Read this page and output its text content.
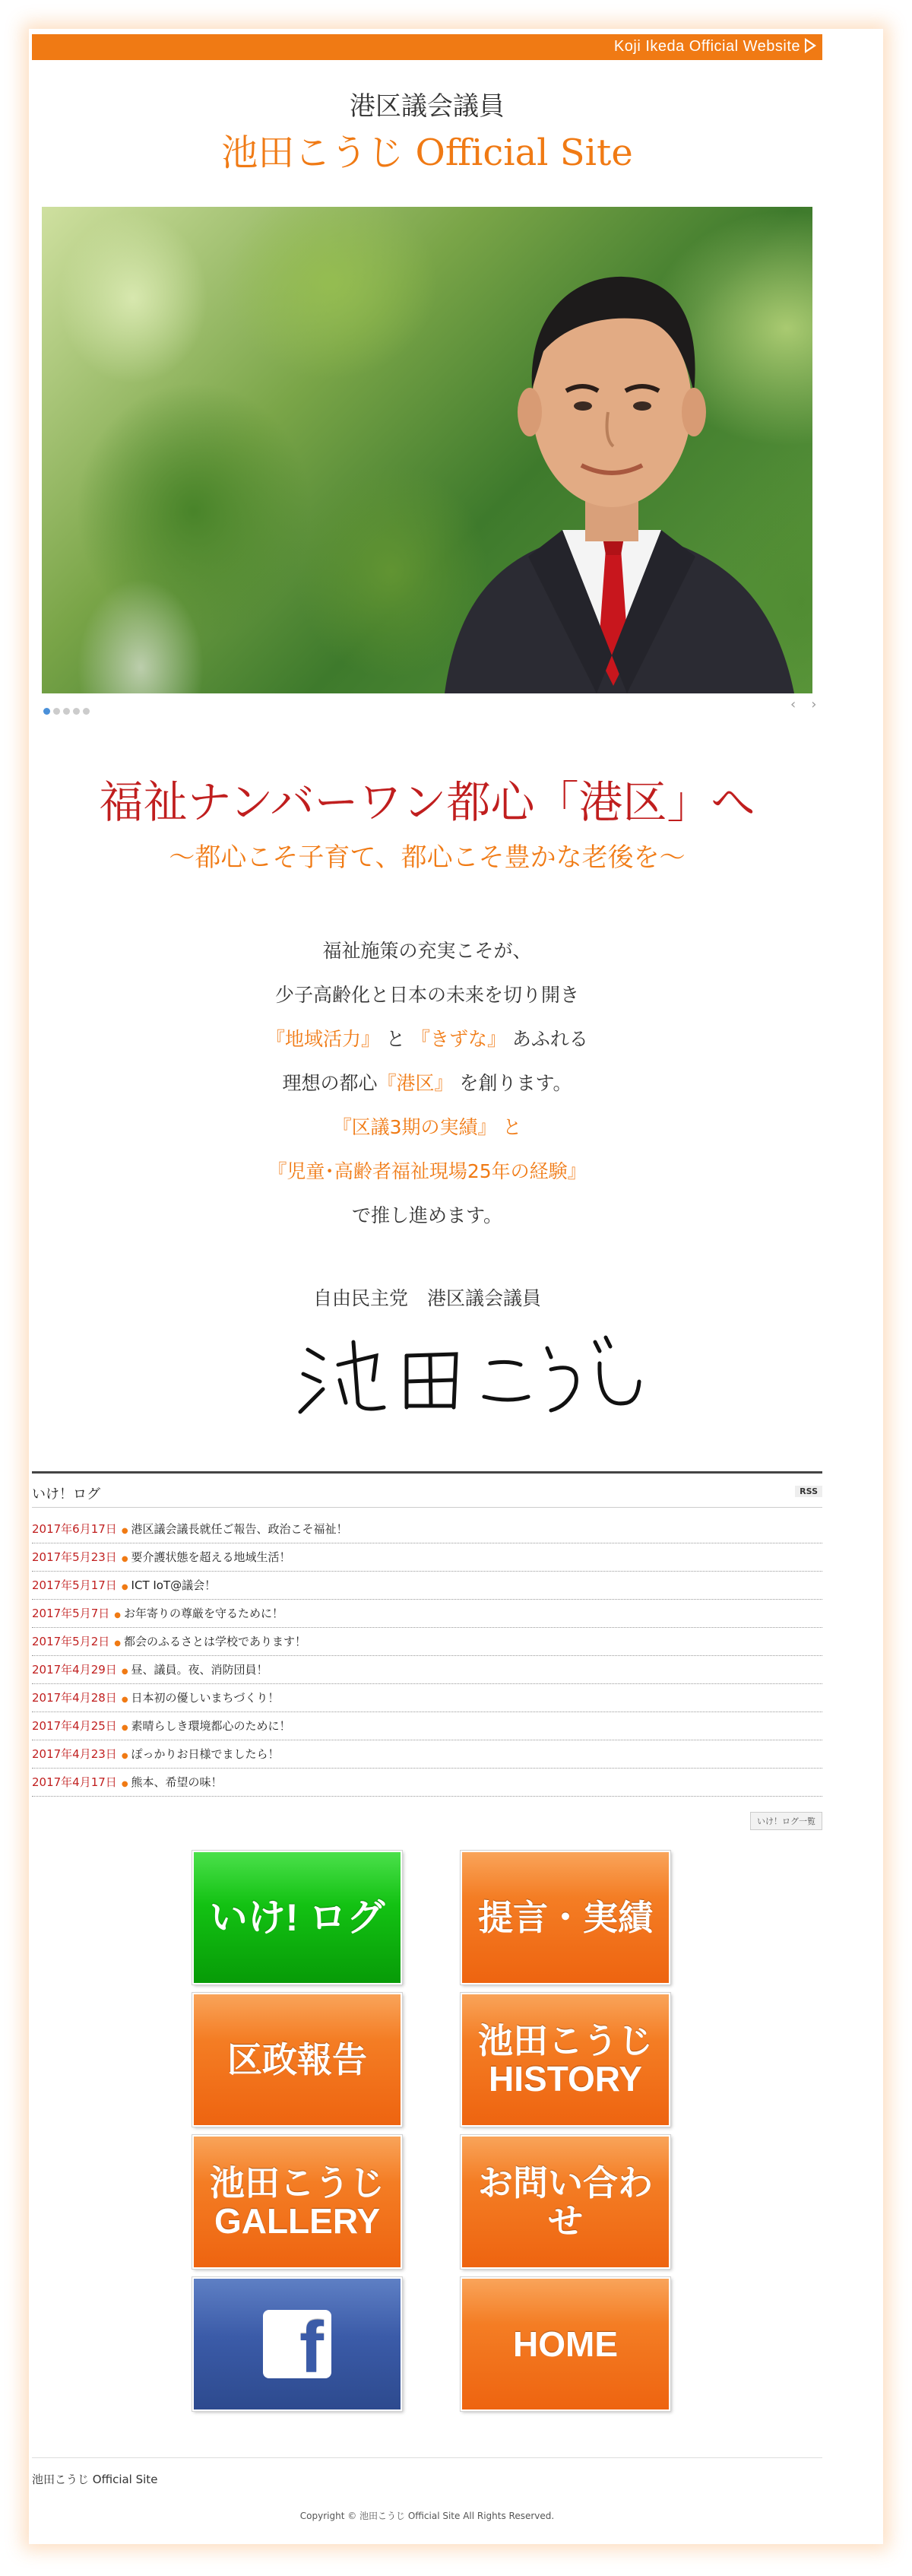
Koji Ikeda Official Website
港区議会議員
池田こうじ Official Site
‹›
福祉ナンバーワン都心「港区」へ
〜都心こそ子育て、都心こそ豊かな老後を〜
福祉施策の充実こそが、
少子高齢化と日本の未来を切り開き
『地域活力』 と 『きずな』 あふれる
理想の都心『港区』 を創ります。
『区議3期の実績』 と
『児童･高齢者福祉現場25年の経験』
で推し進めます。
自由民主党　港区議会議員
いけ！ログ	RSS
2017年6月17日 ● 港区議会議長就任ご報告、政治こそ福祉！
2017年5月23日 ● 要介護状態を超える地域生活！
2017年5月17日 ● ICT IoT@議会！
2017年5月7日 ● お年寄りの尊厳を守るために！
2017年5月2日 ● 都会のふるさとは学校であります！
2017年4月29日 ● 昼、議員。夜、消防団員！
2017年4月28日 ● 日本初の優しいまちづくり！
2017年4月25日 ● 素晴らしき環境都心のために！
2017年4月23日 ● ぽっかりお日様でましたら！
2017年4月17日 ● 熊本、希望の味！
いけ！ログ一覧
いけ! ログ	提言・実績
区政報告	池田こうじ
HISTORY
池田こうじ
GALLERY
お問い合わせ
f	HOME
池田こうじ Official Site
Copyright © 池田こうじ Official Site All Rights Reserved.
